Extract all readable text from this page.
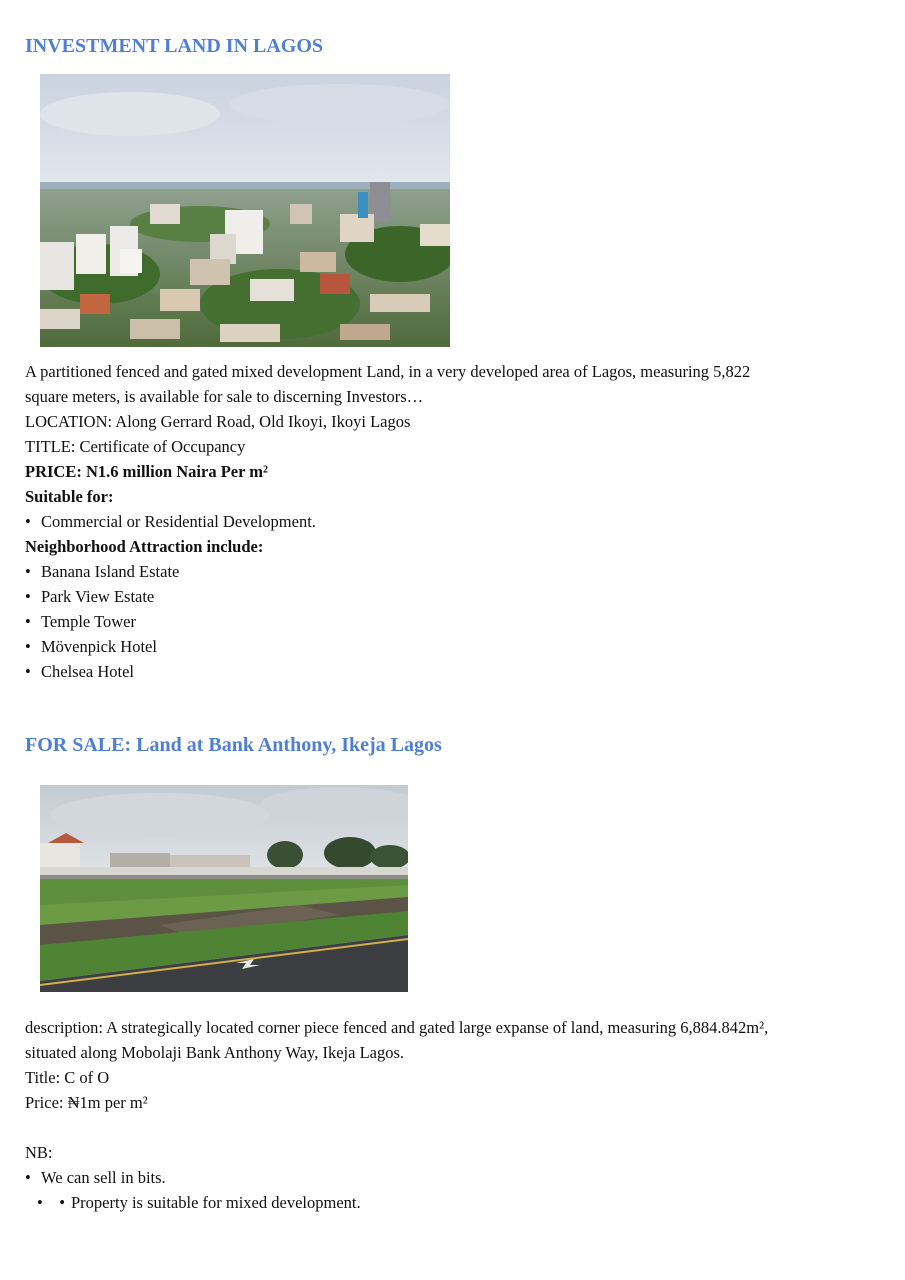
INVESTMENT LAND IN LAGOS
A partitioned fenced and gated mixed development Land, in a very developed area of Lagos, measuring 5,822
square meters, is available for sale to discerning Investors…
LOCATION: Along Gerrard Road, Old Ikoyi, Ikoyi Lagos
TITLE: Certificate of Occupancy
PRICE: N1.6 million Naira Per m²
Suitable for:
• Commercial or Residential Development.
Neighborhood Attraction include:
• Banana Island Estate
• Park View Estate
• Temple Tower
• Mövenpick Hotel
• Chelsea Hotel
FOR SALE: Land at Bank Anthony, Ikeja Lagos
description: A strategically located corner piece fenced and gated large expanse of land, measuring 6,884.842m²,
situated along Mobolaji Bank Anthony Way, Ikeja Lagos.
Title: C of O
Price: ₦1m per m²
NB:
• We can sell in bits.
• • Property is suitable for mixed development.
